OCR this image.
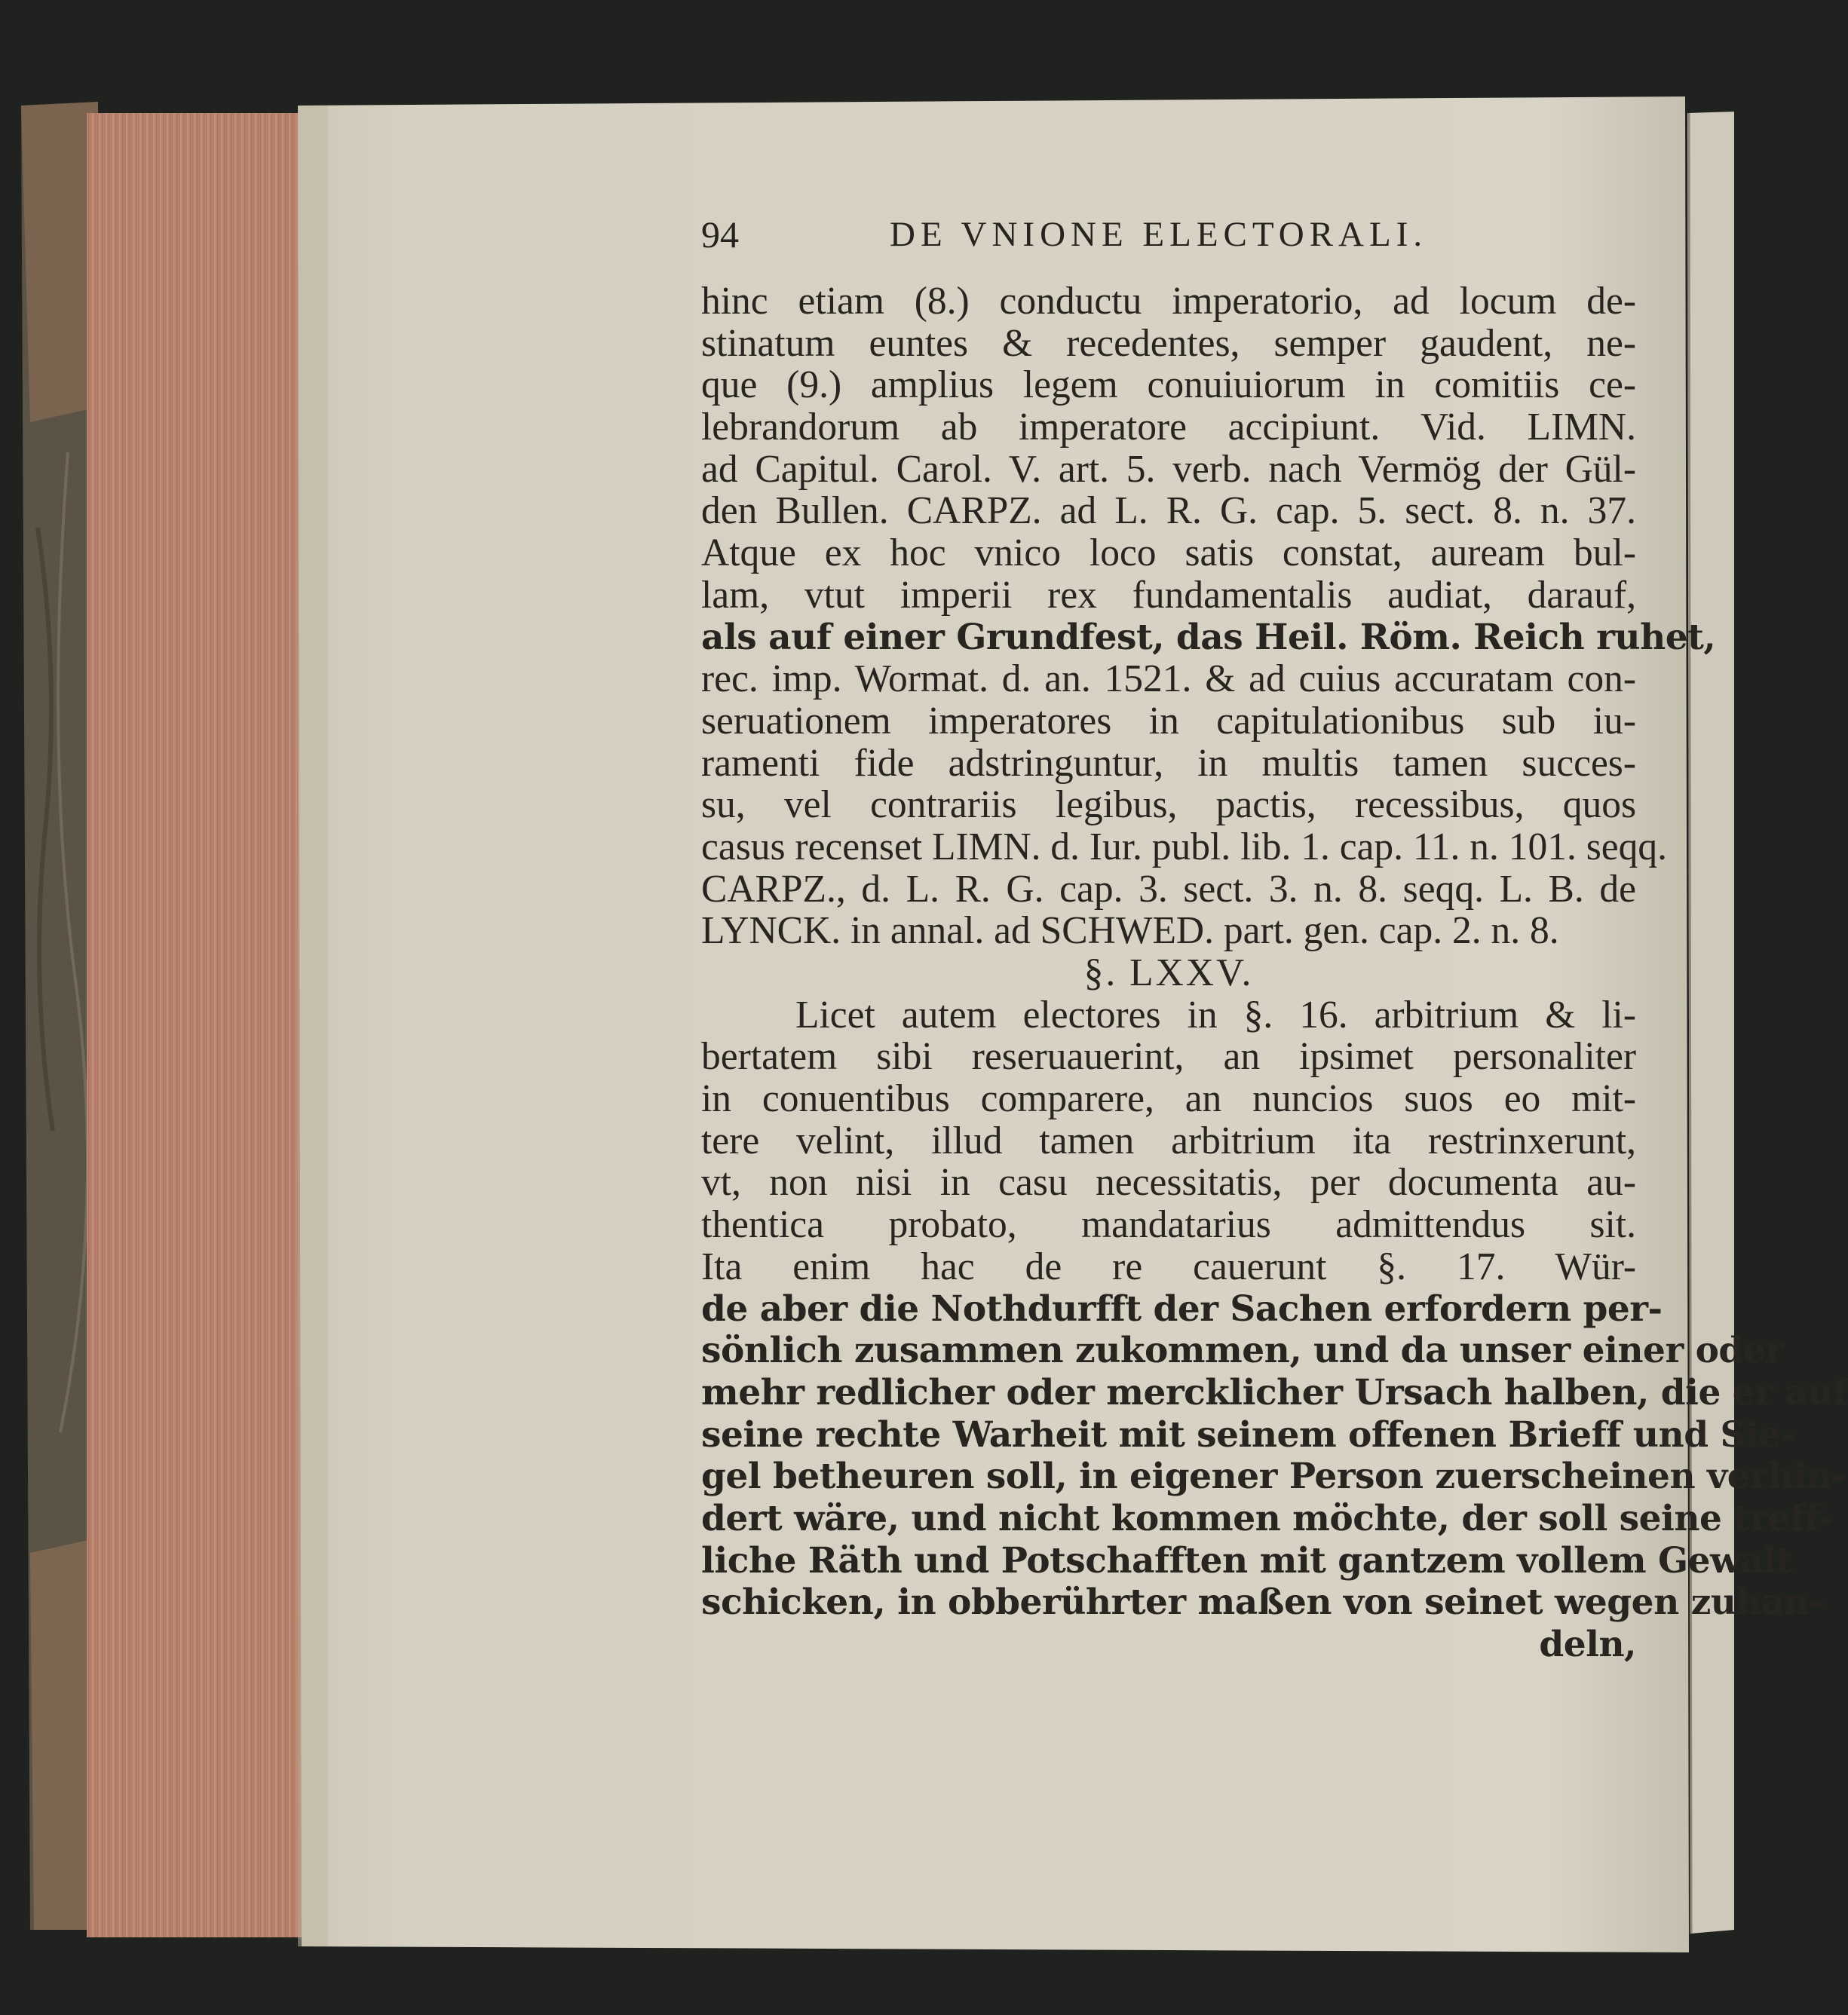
94	DE VNIONE ELECTORALI.
hinc etiam (8.) conductu imperatorio, ad locum de-
stinatum euntes & recedentes, semper gaudent, ne-
que (9.) amplius legem conuiuiorum in comitiis ce-
lebrandorum ab imperatore accipiunt. Vid. LIMN.
ad Capitul. Carol. V. art. 5. verb. nach Vermög der Gül-
den Bullen. CARPZ. ad L. R. G. cap. 5. sect. 8. n. 37.
Atque ex hoc vnico loco satis constat, auream bul-
lam, vtut imperii rex fundamentalis audiat, darauf,
als auf einer Grundfest, das Heil. Röm. Reich ruhet,
rec. imp. Wormat. d. an. 1521. & ad cuius accuratam con-
seruationem imperatores in capitulationibus sub iu-
ramenti fide adstringuntur, in multis tamen succes-
su, vel contrariis legibus, pactis, recessibus, quos
casus recenset LIMN. d. Iur. publ. lib. 1. cap. 11. n. 101. seqq.
CARPZ., d. L. R. G. cap. 3. sect. 3. n. 8. seqq. L. B. de
LYNCK. in annal. ad SCHWED. part. gen. cap. 2. n. 8.
§. LXXV.
Licet autem electores in §. 16. arbitrium & li-
bertatem sibi reseruauerint, an ipsimet personaliter
in conuentibus comparere, an nuncios suos eo mit-
tere velint, illud tamen arbitrium ita restrinxerunt,
vt, non nisi in casu necessitatis, per documenta au-
thentica probato, mandatarius admittendus sit.
Ita enim hac de re cauerunt §. 17. Wür-
de aber die Nothdurfft der Sachen erfordern per-
sönlich zusammen zukommen, und da unser einer oder
mehr redlicher oder mercklicher Ursach halben, die er auf
seine rechte Warheit mit seinem offenen Brieff und Sie-
gel betheuren soll, in eigener Person zuerscheinen verhin-
dert wäre, und nicht kommen möchte, der soll seine treff-
liche Räth und Potschafften mit gantzem vollem Gewalt
schicken, in obberührter maßen von seinet wegen zuhan-
deln,
